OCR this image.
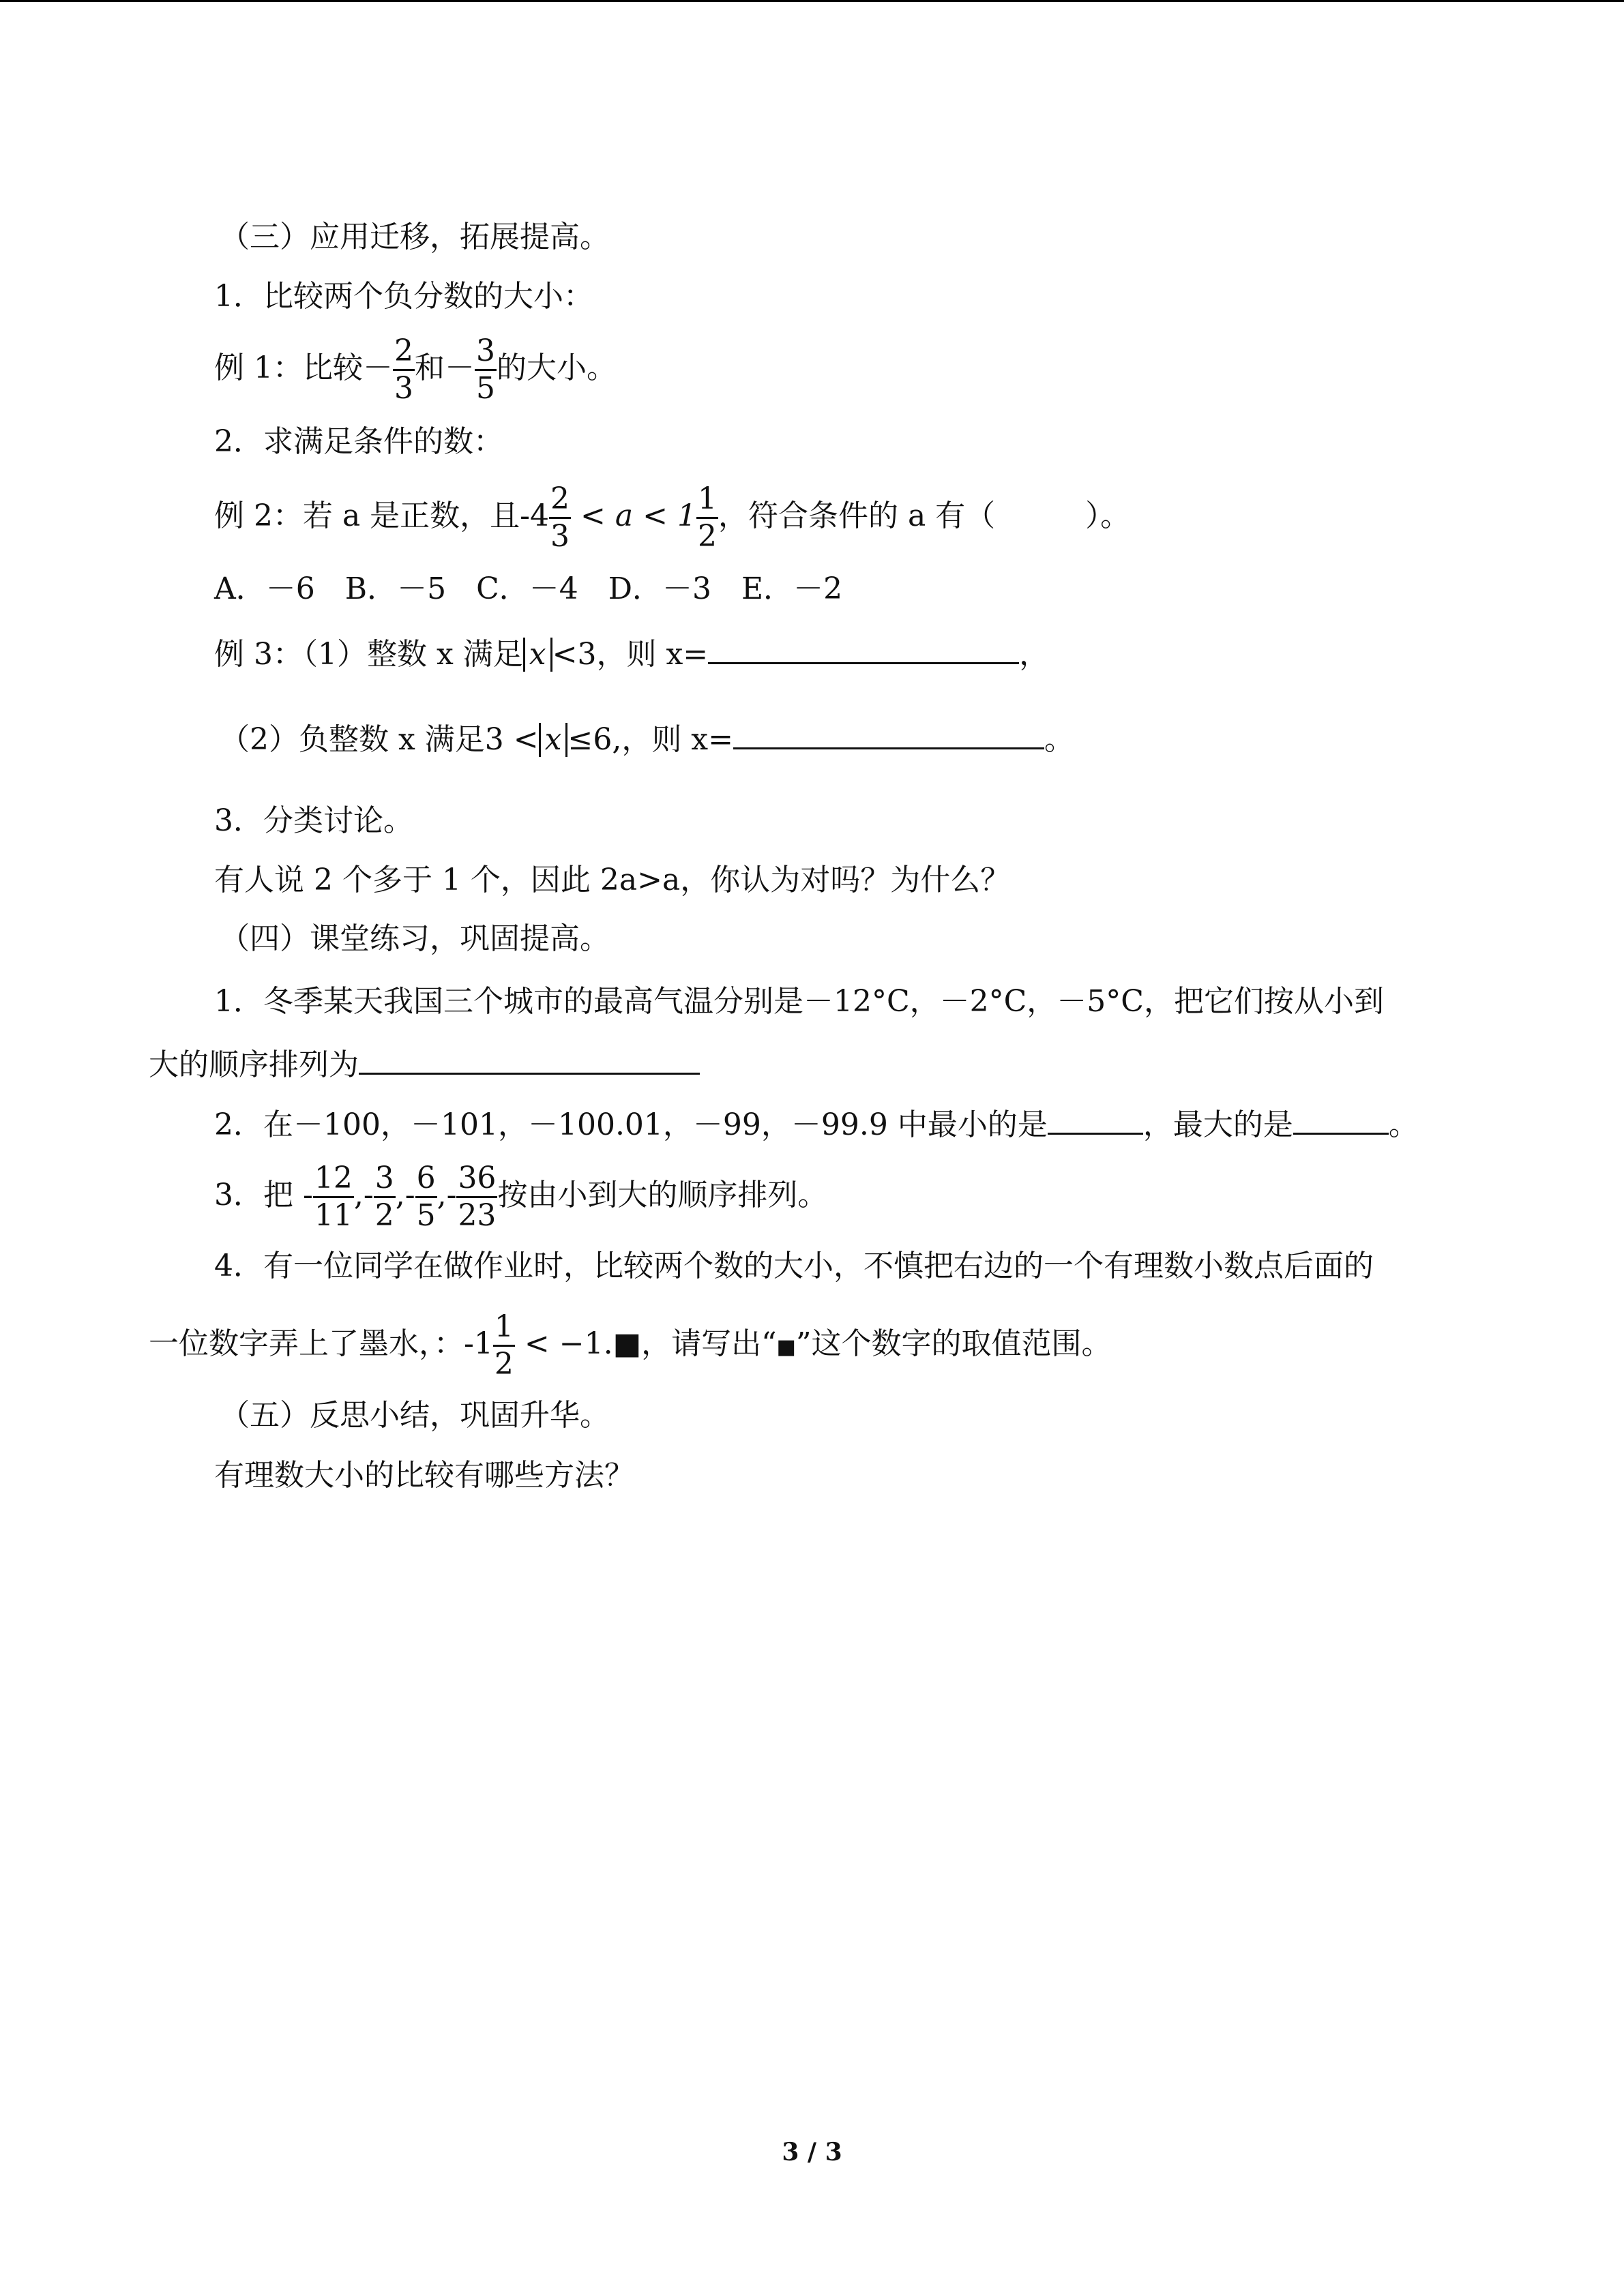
（三）应用迁移，拓展提高。
1．比较两个负分数的大小：
例 1：比较－ $\frac{2}{3}$ 和－ $\frac{3}{5}$ 的大小。
2．求满足条件的数：
例 2：若 a 是正数，且$-4 \frac{2}{3} < a < 1 \frac{1}{2}$ ，符合条件的 a 有（　　　）。
A．－6　B．－5　C．－4　D．－3　E．－2
例 3：（1）整数 x 满足 x <3，则 x=	，
（2）负整数 x 满足3 < x ≤6,，则 x=	。
3．分类讨论。
有人说 2 个多于 1 个，因此 2a>a，你认为对吗？为什么？
（四）课堂练习，巩固提高。
1．冬季某天我国三个城市的最高气温分别是－12°C，－2°C，－5°C，把它们按从小到
大的顺序排列为
2．在－100，－101，－100.01，－99，－99.9 中最小的是	，最大的是	。
3．把 - $\frac{12}{11}$ ,- $\frac{3}{2}$ ,- $\frac{6}{5}$ ,- $\frac{36}{23}$ 按由小到大的顺序排列。
4．有一位同学在做作业时，比较两个数的大小，不慎把右边的一个有理数小数点后面的
一位数字弄上了墨水，：$-1 \frac{1}{2}$ < −1.■，请写出“■”这个数字的取值范围。
（五）反思小结，巩固升华。
有理数大小的比较有哪些方法？
3 / 3
